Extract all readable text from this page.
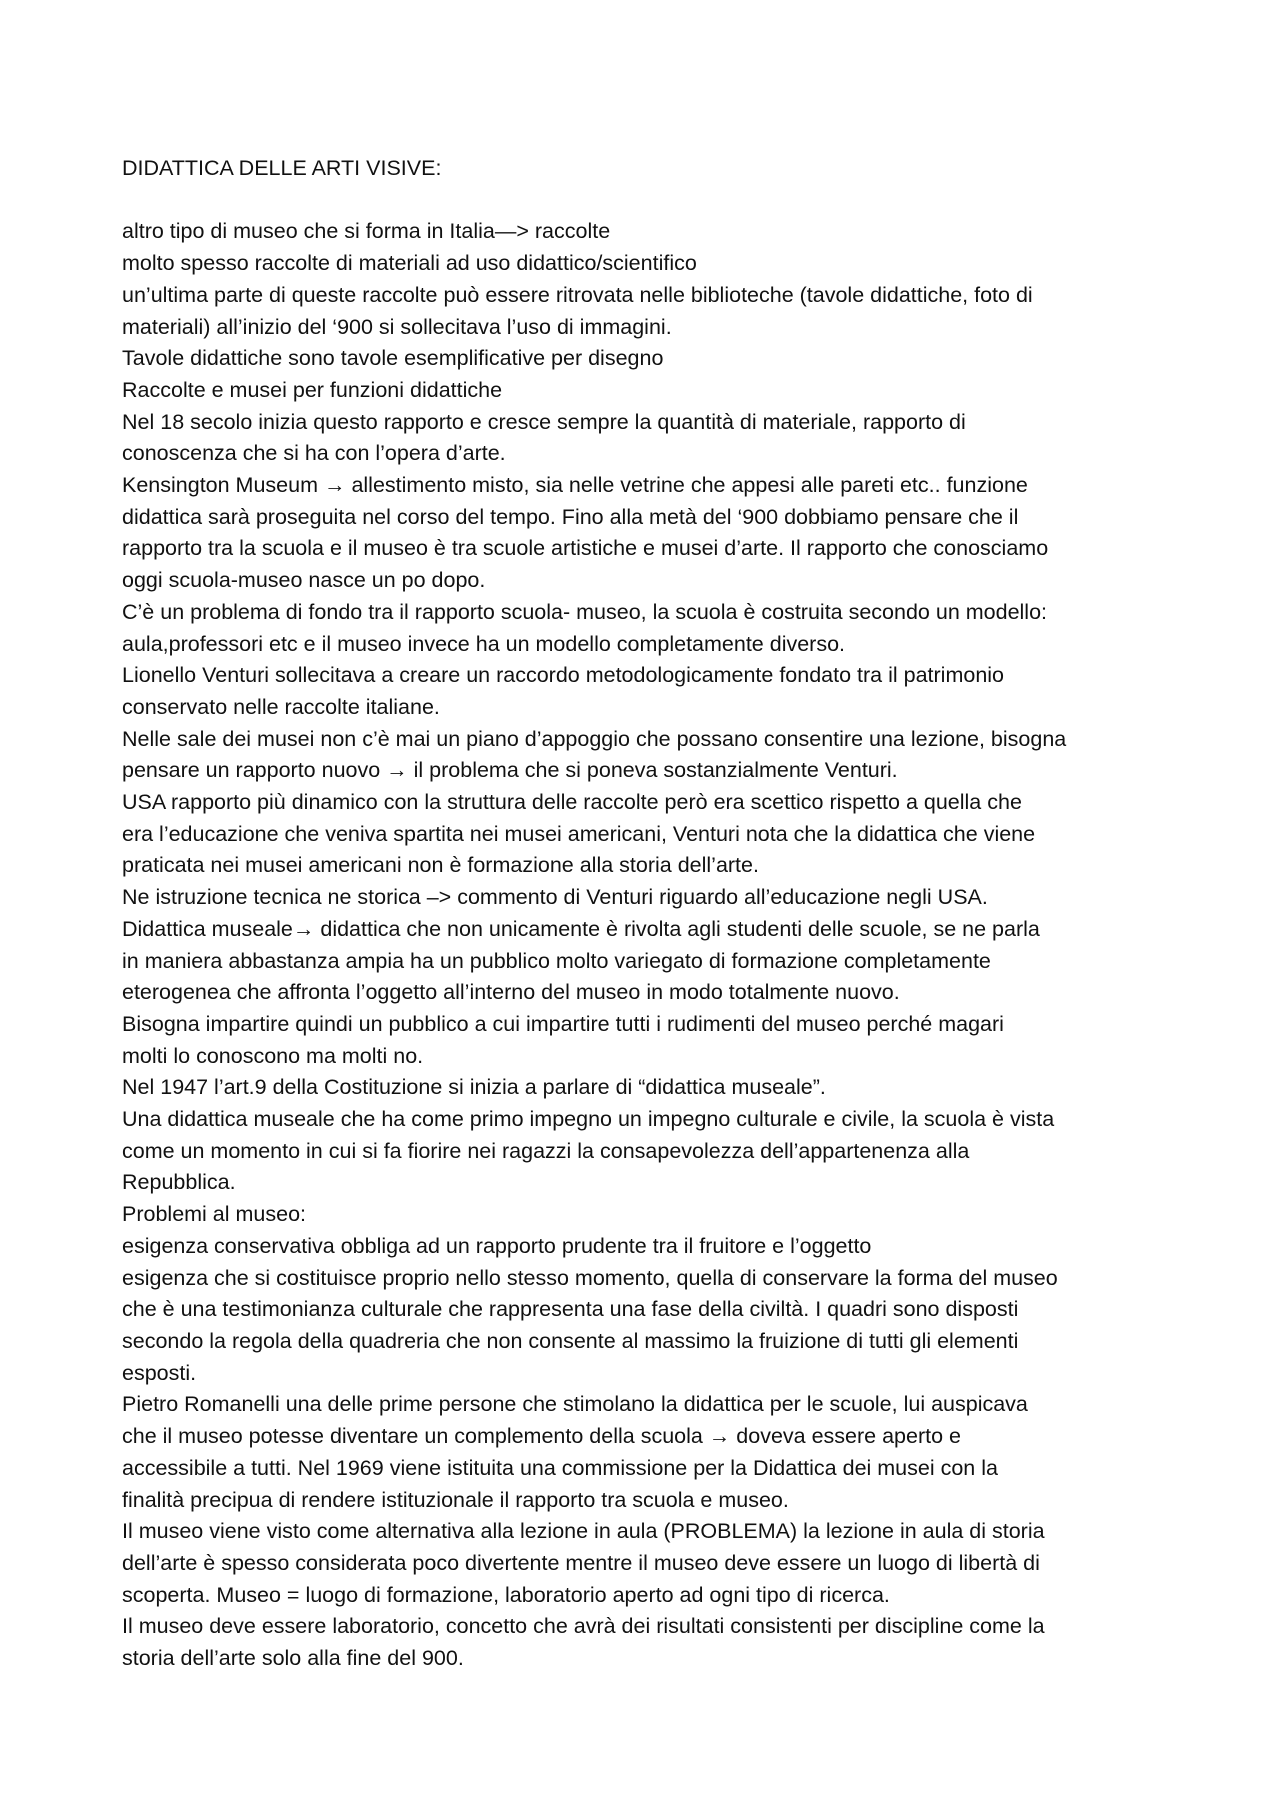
DIDATTICA DELLE ARTI VISIVE:

altro tipo di museo che si forma in Italia—> raccolte

molto spesso raccolte di materiali ad uso didattico/scientifico

un’ultima parte di queste raccolte può essere ritrovata nelle biblioteche (tavole didattiche, foto di

materiali) all’inizio del ‘900 si sollecitava l’uso di immagini.

Tavole didattiche sono tavole esemplificative per disegno

Raccolte e musei per funzioni didattiche

Nel 18 secolo inizia questo rapporto e cresce sempre la quantità di materiale, rapporto di

conoscenza che si ha con l’opera d’arte.

Kensington Museum → allestimento misto, sia nelle vetrine che appesi alle pareti etc.. funzione

didattica sarà proseguita nel corso del tempo. Fino alla metà del ‘900 dobbiamo pensare che il

rapporto tra la scuola e il museo è tra scuole artistiche e musei d’arte. Il rapporto che conosciamo

oggi scuola-museo nasce un po dopo.

C’è un problema di fondo tra il rapporto scuola- museo, la scuola è costruita secondo un modello:

aula,professori etc e il museo invece ha un modello completamente diverso.

Lionello Venturi sollecitava a creare un raccordo metodologicamente fondato tra il patrimonio

conservato nelle raccolte italiane.

Nelle sale dei musei non c’è mai un piano d’appoggio che possano consentire una lezione, bisogna

pensare un rapporto nuovo → il problema che si poneva sostanzialmente Venturi.

USA rapporto più dinamico con la struttura delle raccolte però era scettico rispetto a quella che

era l’educazione che veniva spartita nei musei americani, Venturi nota che la didattica che viene

praticata nei musei americani non è formazione alla storia dell’arte.

Ne istruzione tecnica ne storica –> commento di Venturi riguardo all’educazione negli USA.

Didattica museale→ didattica che non unicamente è rivolta agli studenti delle scuole, se ne parla

in maniera abbastanza ampia ha un pubblico molto variegato di formazione completamente

eterogenea che affronta l’oggetto all’interno del museo in modo totalmente nuovo.

Bisogna impartire quindi un pubblico a cui impartire tutti i rudimenti del museo perché magari

molti lo conoscono ma molti no.

Nel 1947 l’art.9 della Costituzione si inizia a parlare di “didattica museale”.

Una didattica museale che ha come primo impegno un impegno culturale e civile, la scuola è vista

come un momento in cui si fa fiorire nei ragazzi la consapevolezza dell’appartenenza alla

Repubblica.

Problemi al museo:

esigenza conservativa obbliga ad un rapporto prudente tra il fruitore e l’oggetto

esigenza che si costituisce proprio nello stesso momento, quella di conservare la forma del museo

che è una testimonianza culturale che rappresenta una fase della civiltà. I quadri sono disposti

secondo la regola della quadreria che non consente al massimo la fruizione di tutti gli elementi

esposti.

Pietro Romanelli una delle prime persone che stimolano la didattica per le scuole, lui auspicava

che il museo potesse diventare un complemento della scuola → doveva essere aperto e

accessibile a tutti. Nel 1969 viene istituita una commissione per la Didattica dei musei con la

finalità precipua di rendere istituzionale il rapporto tra scuola e museo.

Il museo viene visto come alternativa alla lezione in aula (PROBLEMA) la lezione in aula di storia

dell’arte è spesso considerata poco divertente mentre il museo deve essere un luogo di libertà di

scoperta. Museo = luogo di formazione, laboratorio aperto ad ogni tipo di ricerca.

Il museo deve essere laboratorio, concetto che avrà dei risultati consistenti per discipline come la

storia dell’arte solo alla fine del 900.
